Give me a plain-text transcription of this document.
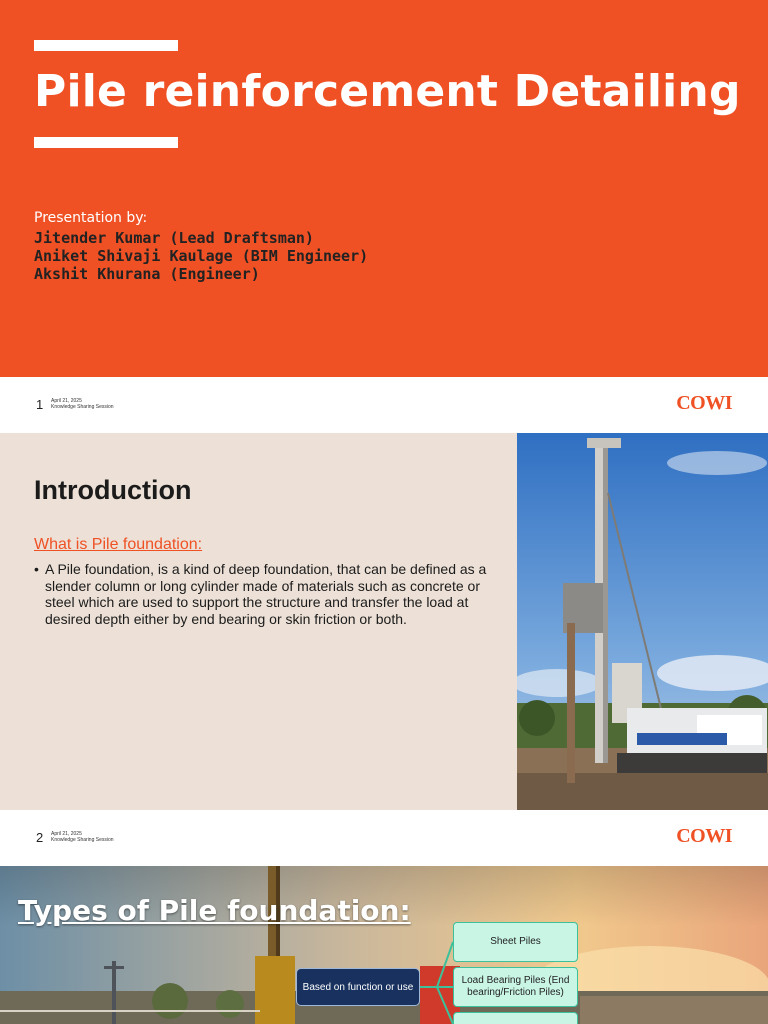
Pile reinforcement Detailing
Presentation by:
Jitender Kumar (Lead Draftsman)
Aniket Shivaji Kaulage (BIM Engineer)
Akshit Khurana (Engineer)
1 April 21, 2025
Knowledge Sharing Session	COWI
Introduction
What is Pile foundation:
• A Pile foundation, is a kind of deep foundation, that can be defined as a slender column or long cylinder made of materials such as concrete or steel which are used to support the structure and transfer the load at desired depth either by end bearing or skin friction or both.
2 April 21, 2025
Knowledge Sharing Session	COWI
Types of Pile foundation:
Based on function or use
Sheet Piles
Load Bearing Piles (End bearing/Friction Piles)
